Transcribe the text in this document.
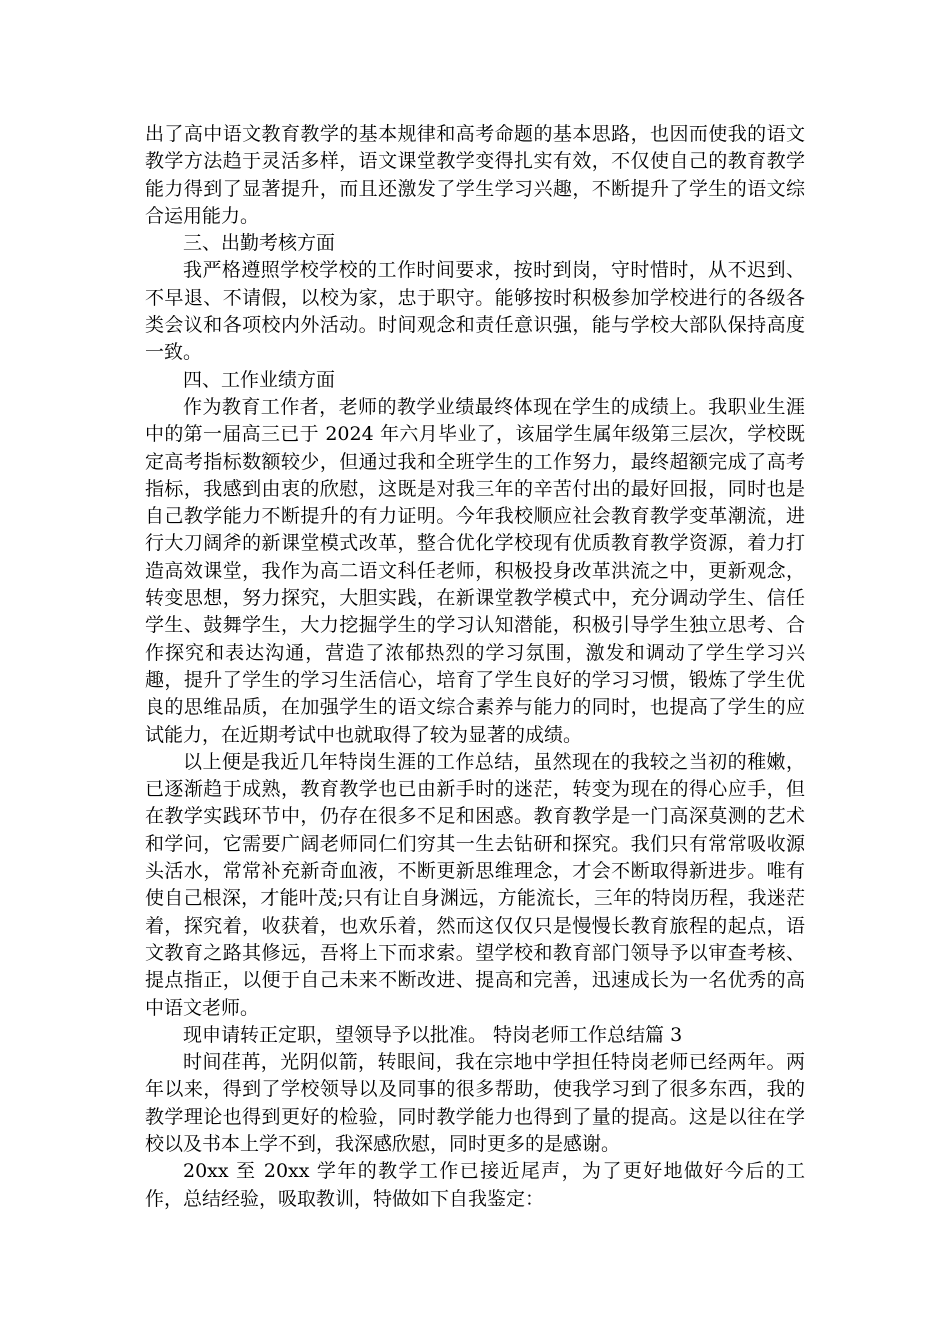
出了高中语文教育教学的基本规律和高考命题的基本思路，也因而使我的语文教学方法趋于灵活多样，语文课堂教学变得扎实有效，不仅使自己的教育教学能力得到了显著提升，而且还激发了学生学习兴趣，不断提升了学生的语文综合运用能力。

三、出勤考核方面

我严格遵照学校学校的工作时间要求，按时到岗，守时惜时，从不迟到、不早退、不请假，以校为家，忠于职守。能够按时积极参加学校进行的各级各类会议和各项校内外活动。时间观念和责任意识强，能与学校大部队保持高度一致。

四、工作业绩方面

作为教育工作者，老师的教学业绩最终体现在学生的成绩上。我职业生涯中的第一届高三已于 2024 年六月毕业了，该届学生属年级第三层次，学校既定高考指标数额较少，但通过我和全班学生的工作努力，最终超额完成了高考指标，我感到由衷的欣慰，这既是对我三年的辛苦付出的最好回报，同时也是自己教学能力不断提升的有力证明。今年我校顺应社会教育教学变革潮流，进行大刀阔斧的新课堂模式改革，整合优化学校现有优质教育教学资源，着力打造高效课堂，我作为高二语文科任老师，积极投身改革洪流之中，更新观念，转变思想，努力探究，大胆实践，在新课堂教学模式中，充分调动学生、信任学生、鼓舞学生，大力挖掘学生的学习认知潜能，积极引导学生独立思考、合作探究和表达沟通，营造了浓郁热烈的学习氛围，激发和调动了学生学习兴趣，提升了学生的学习生活信心，培育了学生良好的学习习惯，锻炼了学生优良的思维品质，在加强学生的语文综合素养与能力的同时，也提高了学生的应试能力，在近期考试中也就取得了较为显著的成绩。

以上便是我近几年特岗生涯的工作总结，虽然现在的我较之当初的稚嫩，已逐渐趋于成熟，教育教学也已由新手时的迷茫，转变为现在的得心应手，但在教学实践环节中，仍存在很多不足和困惑。教育教学是一门高深莫测的艺术和学问，它需要广阔老师同仁们穷其一生去钻研和探究。我们只有常常吸收源头活水，常常补充新奇血液，不断更新思维理念，才会不断取得新进步。唯有使自己根深，才能叶茂;只有让自身渊远，方能流长，三年的特岗历程，我迷茫着，探究着，收获着，也欢乐着，然而这仅仅只是慢慢长教育旅程的起点，语文教育之路其修远，吾将上下而求索。望学校和教育部门领导予以审查考核、提点指正，以便于自己未来不断改进、提高和完善，迅速成长为一名优秀的高中语文老师。

现申请转正定职，望领导予以批准。 特岗老师工作总结篇 3

时间荏苒，光阴似箭，转眼间，我在宗地中学担任特岗老师已经两年。两年以来，得到了学校领导以及同事的很多帮助，使我学习到了很多东西，我的教学理论也得到更好的检验，同时教学能力也得到了量的提高。这是以往在学校以及书本上学不到，我深感欣慰，同时更多的是感谢。

20xx 至 20xx 学年的教学工作已接近尾声，为了更好地做好今后的工作，总结经验，吸取教训，特做如下自我鉴定：
